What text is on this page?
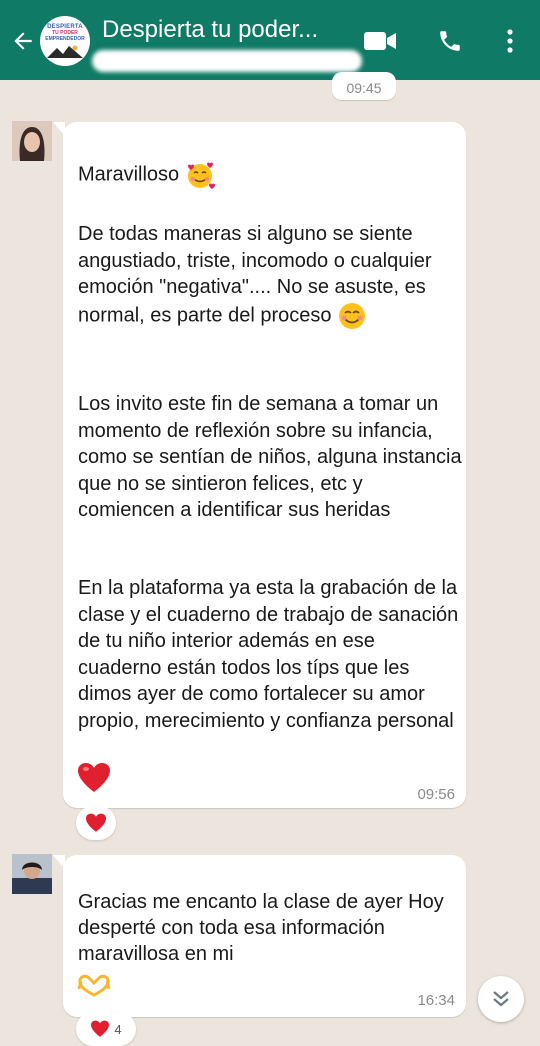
DESPIERTA
TU PODER
EMPRENDEDOR Despierta tu poder...
09:45
Maravilloso
De todas maneras si alguno se siente angustiado, triste, incomodo o cualquier emoción "negativa".... No se asuste, es normal, es parte del proceso
Los invito este fin de semana a tomar un momento de reflexión sobre su infancia, como se sentían de niños, alguna instancia que no se sintieron felices, etc y comiencen a identificar sus heridas
En la plataforma ya esta la grabación de la clase y el cuaderno de trabajo de sanación de tu niño interior además en ese cuaderno están todos los típs que les dimos ayer de como fortalecer su amor propio, merecimiento y confianza personal
09:56
Gracias me encanto la clase de ayer Hoy desperté con toda esa información maravillosa en mi
16:34
4
